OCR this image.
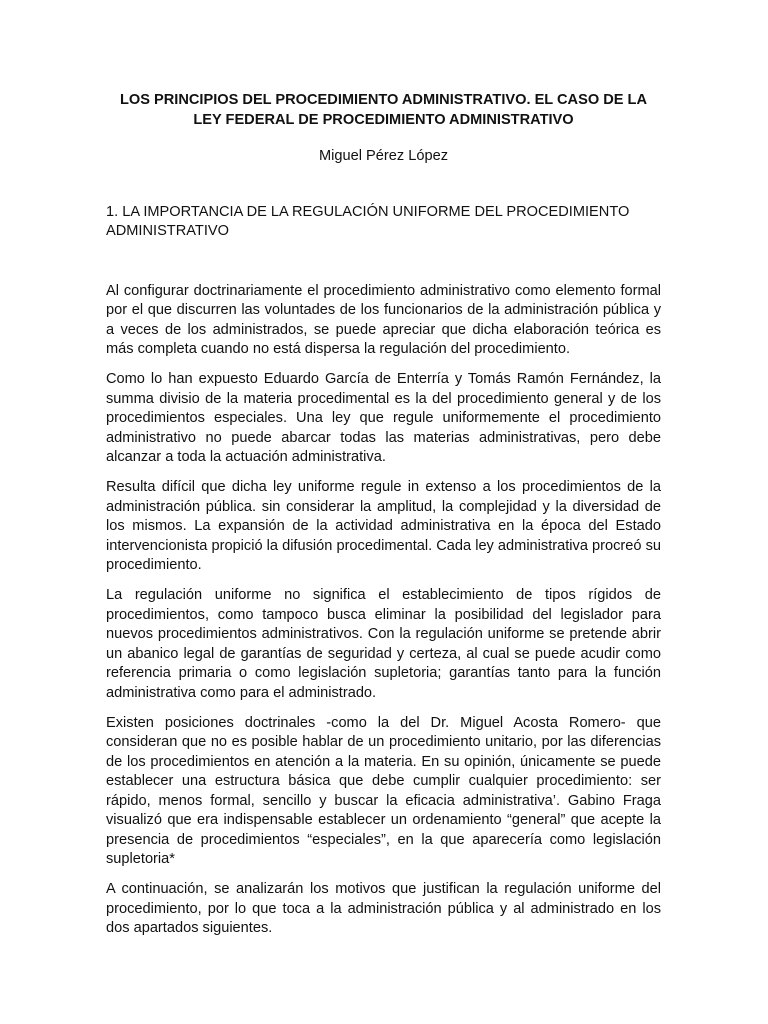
LOS PRINCIPIOS DEL PROCEDIMIENTO ADMINISTRATIVO. EL CASO DE LA LEY FEDERAL DE PROCEDIMIENTO ADMINISTRATIVO

Miguel Pérez López

1. LA IMPORTANCIA DE LA REGULACIÓN UNIFORME DEL PROCEDIMIENTO ADMINISTRATIVO

Al configurar doctrinariamente el procedimiento administrativo como elemento formal por el que discurren las voluntades de los funcionarios de la administración pública y a veces de los administrados, se puede apreciar que dicha elaboración teórica es más completa cuando no está dispersa la regulación del procedimiento.

Como lo han expuesto Eduardo García de Enterría y Tomás Ramón Fernández, la summa divisio de la materia procedimental es la del procedimiento general y de los procedimientos especiales. Una ley que regule uniformemente el procedimiento administrativo no puede abarcar todas las materias administrativas, pero debe alcanzar a toda la actuación administrativa.

Resulta difícil que dicha ley uniforme regule in extenso a los procedimientos de la administración pública. sin considerar la amplitud, la complejidad y la diversidad de los mismos. La expansión de la actividad administrativa en la época del Estado intervencionista propició la difusión procedimental. Cada ley administrativa procreó su procedimiento.

La regulación uniforme no significa el establecimiento de tipos rígidos de procedimientos, como tampoco busca eliminar la posibilidad del legislador para nuevos procedimientos administrativos. Con la regulación uniforme se pretende abrir un abanico legal de garantías de seguridad y certeza, al cual se puede acudir como referencia primaria o como legislación supletoria; garantías tanto para la función administrativa como para el administrado.

Existen posiciones doctrinales -como la del Dr. Miguel Acosta Romero- que consideran que no es posible hablar de un procedimiento unitario, por las diferencias de los procedimientos en atención a la materia. En su opinión, únicamente se puede establecer una estructura básica que debe cumplir cualquier procedimiento: ser rápido, menos formal, sencillo y buscar la eficacia administrativa’. Gabino Fraga visualizó que era indispensable establecer un ordenamiento “general” que acepte la presencia de procedimientos “especiales”, en la que aparecería como legislación supletoria*

A continuación, se analizarán los motivos que justifican la regulación uniforme del procedimiento, por lo que toca a la administración pública y al administrado en los dos apartados siguientes.
